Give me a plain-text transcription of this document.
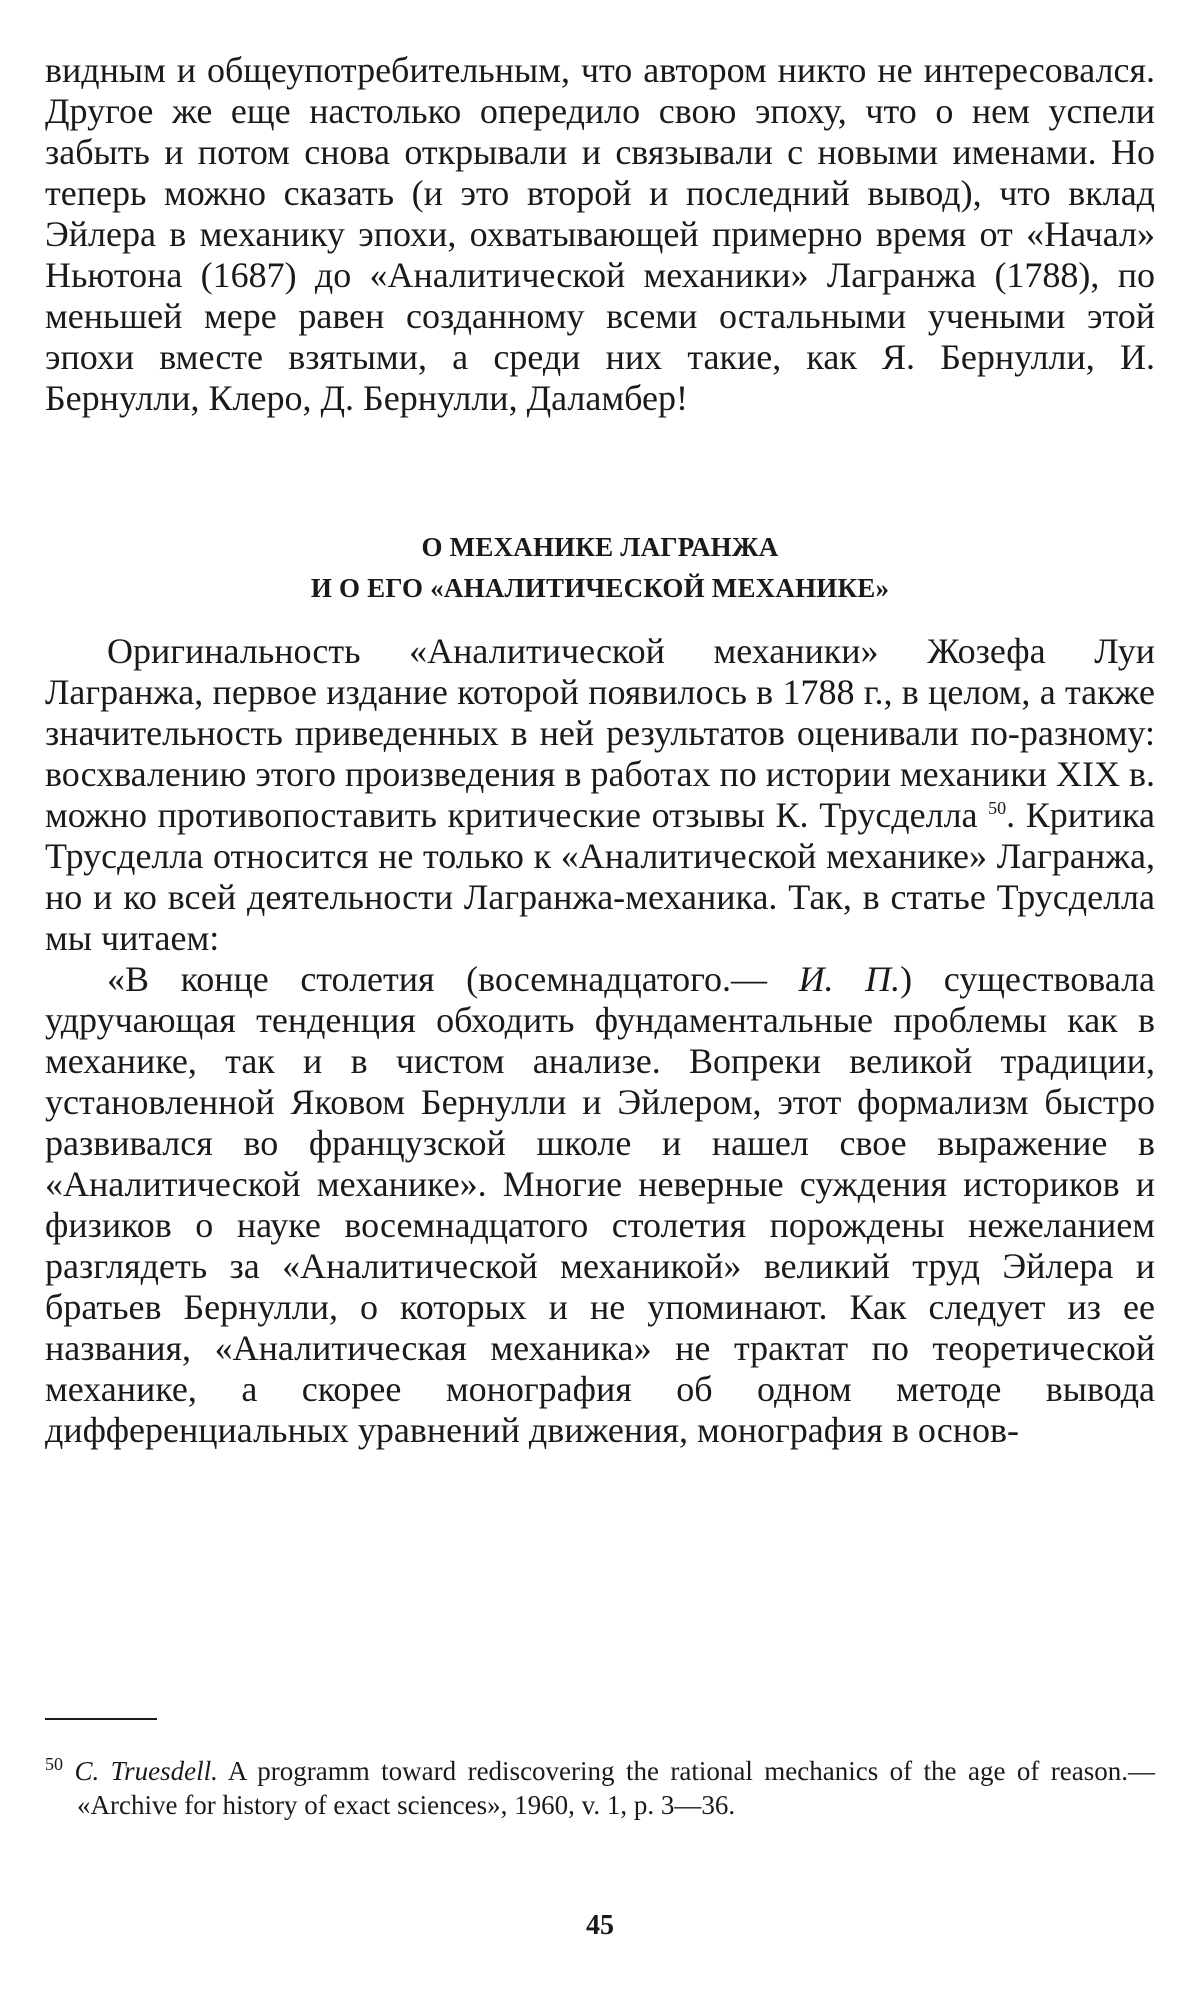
видным и общеупотребительным, что автором никто не интересовался. Другое же еще настолько опередило свою эпоху, что о нем успели забыть и потом снова открывали и связывали с новыми именами. Но теперь можно сказать (и это второй и последний вывод), что вклад Эйлера в механику эпохи, охватывающей примерно время от «Начал» Ньютона (1687) до «Аналитической механики» Лагранжа (1788), по меньшей мере равен созданному всеми остальными учеными этой эпохи вместе взятыми, а среди них такие, как Я. Бернулли, И. Бернулли, Клеро, Д. Бернулли, Даламбер!

О МЕХАНИКЕ ЛАГРАНЖА
И О ЕГО «АНАЛИТИЧЕСКОЙ МЕХАНИКЕ»

Оригинальность «Аналитической механики» Жозефа Луи Лагранжа, первое издание которой появилось в 1788 г., в целом, а также значительность приведенных в ней результатов оценивали по-разному: восхвалению этого произведения в работах по истории механики XIX в. можно противопоставить критические отзывы К. Трусделла $^{50}$. Критика Трусделла относится не только к «Аналитической механике» Лагранжа, но и ко всей деятельности Лагранжа-механика. Так, в статье Трусделла мы читаем:

«В конце столетия (восемнадцатого.— И. П.) существовала удручающая тенденция обходить фундаментальные проблемы как в механике, так и в чистом анализе. Вопреки великой традиции, установленной Яковом Бернулли и Эйлером, этот формализм быстро развивался во французской школе и нашел свое выражение в «Аналитической механике». Многие неверные суждения историков и физиков о науке восемнадцатого столетия порождены нежеланием разглядеть за «Аналитической механикой» великий труд Эйлера и братьев Бернулли, о которых и не упоминают. Как следует из ее названия, «Аналитическая механика» не трактат по теоретической механике, а скорее монография об одном методе вывода дифференциальных уравнений движения, монография в основ-

$^{50}$ C. Truesdell. A programm toward rediscovering the rational mechanics of the age of reason.— «Archive for history of exact sciences», 1960, v. 1, p. 3—36.
45
